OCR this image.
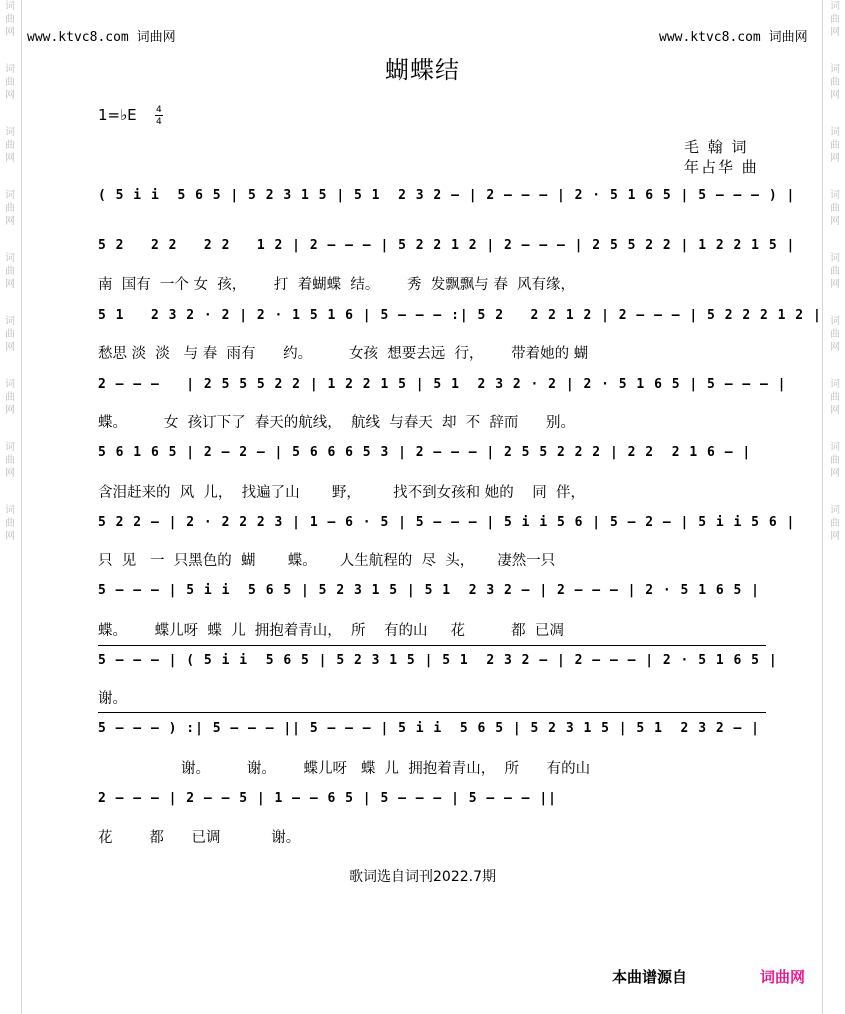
词
曲
网
词
曲
网
词
曲
网
词
曲
网
词
曲
网
词
曲
网
词
曲
网
词
曲
网
词
曲
网
词
曲
网
词
曲
网
词
曲
网
词
曲
网
词
曲
网
词
曲
网
词
曲
网
词
曲
网
词
曲
网
www.ktvc8.com 词曲网	www.ktvc8.com 词曲网
蝴蝶结
1=♭E 4
4
毛 翰 词
年占华 曲
( 5 i i  5 6 5 | 5 2 3 1 5 | 5 1  2 3 2 — | 2 — — — | 2 · 5 1 6 5 | 5 — — — ) |
5 2   2 2   2 2   1 2 | 2 — — — | 5 2 2 1 2 | 2 — — — | 2 5 5 2 2 | 1 2 2 1 5 |
南  国有  一个 女  孩，      打  着蝴蝶  结。      秀  发飘飘与 春  风有缘，
5 1   2 3 2 · 2 | 2 · 1 5 1 6 | 5 — — — :| 5 2   2 2 1 2 | 2 — — — | 5 2 2 2 1 2 |
愁思 淡  淡   与 春  雨有      约。        女孩  想要去远  行，      带着她的 蝴
2 — — —   | 2 5 5 5 2 2 | 1 2 2 1 5 | 5 1  2 3 2 · 2 | 2 · 5 1 6 5 | 5 — — — |
蝶。        女  孩订下了  春天的航线，  航线  与春天  却  不  辞而      别。
5 6 1 6 5 | 2 — 2 — | 5 6 6 6 5 3 | 2 — — — | 2 5 5 2 2 2 | 2 2  2 1 6 — |
含泪赶来的  风  儿，  找遍了山       野，       找不到女孩和 她的    同  伴，
5 2 2 — | 2 · 2 2 2 3 | 1 — 6 · 5 | 5 — — — | 5 i i 5 6 | 5 — 2 — | 5 i i 5 6 |
只  见   一  只黑色的  蝴       蝶。     人生航程的  尽  头，     凄然一只
5 — — — | 5 i i  5 6 5 | 5 2 3 1 5 | 5 1  2 3 2 — | 2 — — — | 2 · 5 1 6 5 |
蝶。      蝶儿呀  蝶  儿  拥抱着青山，  所    有的山     花          都  已凋
5 — — — | ( 5 i i  5 6 5 | 5 2 3 1 5 | 5 1  2 3 2 — | 2 — — — | 2 · 5 1 6 5 |
谢。
5 — — — ) :| 5 — — — || 5 — — — | 5 i i  5 6 5 | 5 2 3 1 5 | 5 1  2 3 2 — |
谢。        谢。      蝶儿呀   蝶  儿  拥抱着青山，  所      有的山
2 — — — | 2 — — 5 | 1 — — 6 5 | 5 — — — | 5 — — — ||
花        都      已调           谢。
歌词选自词刊2022.7期
本曲谱源自	词曲网
